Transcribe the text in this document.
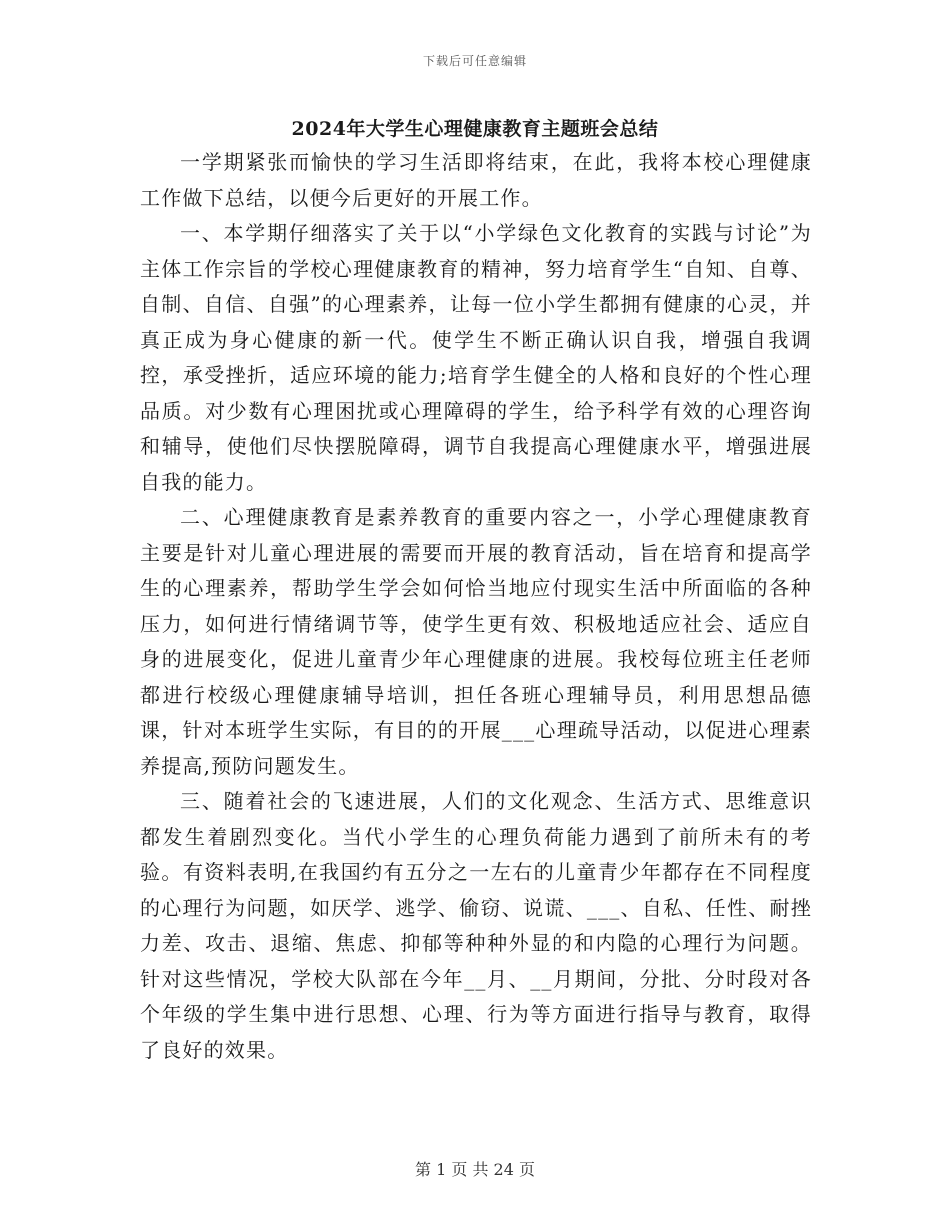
下载后可任意编辑
2024年大学生心理健康教育主题班会总结

一学期紧张而愉快的学习生活即将结束，在此，我将本校心理健康工作做下总结，以便今后更好的开展工作。

一、本学期仔细落实了关于以“小学绿色文化教育的实践与讨论”为主体工作宗旨的学校心理健康教育的精神，努力培育学生“自知、自尊、自制、自信、自强”的心理素养，让每一位小学生都拥有健康的心灵，并真正成为身心健康的新一代。使学生不断正确认识自我，增强自我调控，承受挫折，适应环境的能力;培育学生健全的人格和良好的个性心理品质。对少数有心理困扰或心理障碍的学生，给予科学有效的心理咨询和辅导，使他们尽快摆脱障碍，调节自我提高心理健康水平，增强进展自我的能力。

二、心理健康教育是素养教育的重要内容之一，小学心理健康教育主要是针对儿童心理进展的需要而开展的教育活动，旨在培育和提高学生的心理素养，帮助学生学会如何恰当地应付现实生活中所面临的各种压力，如何进行情绪调节等，使学生更有效、积极地适应社会、适应自身的进展变化，促进儿童青少年心理健康的进展。我校每位班主任老师都进行校级心理健康辅导培训，担任各班心理辅导员，利用思想品德课，针对本班学生实际，有目的的开展___心理疏导活动，以促进心理素养提高,预防问题发生。

三、随着社会的飞速进展，人们的文化观念、生活方式、思维意识都发生着剧烈变化。当代小学生的心理负荷能力遇到了前所未有的考验。有资料表明,在我国约有五分之一左右的儿童青少年都存在不同程度的心理行为问题，如厌学、逃学、偷窃、说谎、___、自私、任性、耐挫力差、攻击、退缩、焦虑、抑郁等种种外显的和内隐的心理行为问题。针对这些情况，学校大队部在今年__月、__月期间，分批、分时段对各个年级的学生集中进行思想、心理、行为等方面进行指导与教育，取得了良好的效果。

第 1 页 共 24 页
